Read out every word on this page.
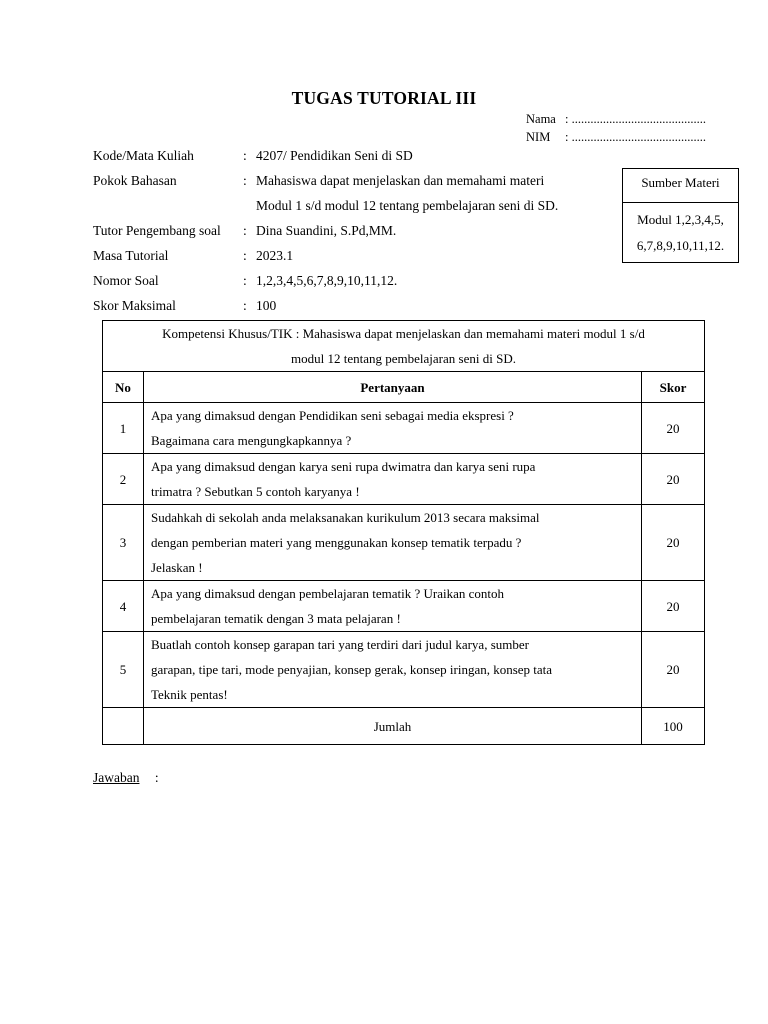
TUGAS TUTORIAL III
Nama : ...........................................
NIM	: ...........................................
Kode/Mata Kuliah	: 4207/ Pendidikan Seni di SD
Pokok Bahasan	: Mahasiswa dapat menjelaskan dan memahami materi
Modul 1 s/d modul 12 tentang pembelajaran seni di SD.
Tutor Pengembang soal	: Dina Suandini, S.Pd,MM.
Masa Tutorial	: 2023.1
Nomor Soal	: 1,2,3,4,5,6,7,8,9,10,11,12.
Skor Maksimal	: 100
Sumber Materi
Modul 1,2,3,4,5,
6,7,8,9,10,11,12.
Kompetensi Khusus/TIK : Mahasiswa dapat menjelaskan dan memahami materi modul 1 s/d
modul 12 tentang pembelajaran seni di SD.		

No	Pertanyaan	Skor
1	Apa yang dimaksud dengan Pendidikan seni sebagai media ekspresi ?
Bagaimana cara mengungkapkannya ?	20
2	Apa yang dimaksud dengan karya seni rupa dwimatra dan karya seni rupa
trimatra ? Sebutkan 5 contoh karyanya !	20
3	Sudahkah di sekolah anda melaksanakan kurikulum 2013 secara maksimal
dengan pemberian materi yang menggunakan konsep tematik terpadu ?
Jelaskan !	20
4	Apa yang dimaksud dengan pembelajaran tematik ? Uraikan contoh
pembelajaran tematik dengan 3 mata pelajaran !	20
5	Buatlah contoh konsep garapan tari yang terdiri dari judul karya, sumber
garapan, tipe tari, mode penyajian, konsep gerak, konsep iringan, konsep tata
Teknik pentas!	20
	Jumlah	100
Jawaban :
